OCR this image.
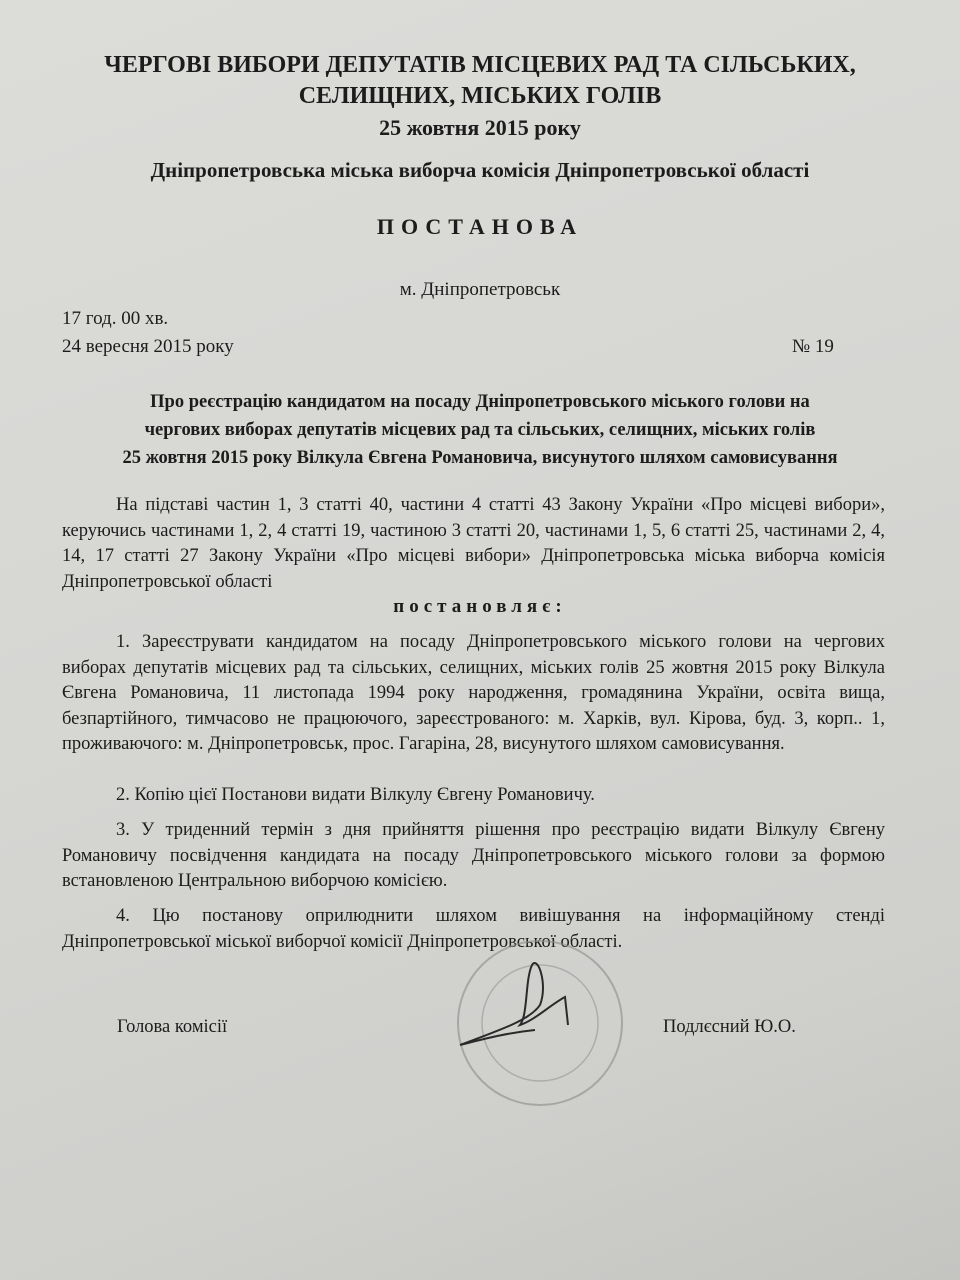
ЧЕРГОВІ ВИБОРИ ДЕПУТАТІВ МІСЦЕВИХ РАД ТА СІЛЬСЬКИХ,
СЕЛИЩНИХ, МІСЬКИХ ГОЛІВ
25 жовтня 2015 року
Дніпропетровська міська виборча комісія Дніпропетровської області
ПОСТАНОВА
м. Дніпропетровськ
17 год. 00 хв.
24 вересня 2015 року	№ 19
Про реєстрацію кандидатом на посаду Дніпропетровського міського голови на
чергових виборах депутатів місцевих рад та сільських, селищних, міських голів
25 жовтня 2015 року Вілкула Євгена Романовича, висунутого шляхом самовисування
На підставі частин 1, 3 статті 40, частини 4 статті 43 Закону України «Про місцеві вибори», керуючись частинами 1, 2, 4 статті 19, частиною 3 статті 20, частинами 1, 5, 6 статті 25, частинами 2, 4, 14, 17 статті 27 Закону України «Про місцеві вибори» Дніпропетровська міська виборча комісія Дніпропетровської області
постановляє:
1. Зареєструвати кандидатом на посаду Дніпропетровського міського голови на чергових виборах депутатів місцевих рад та сільських, селищних, міських голів 25 жовтня 2015 року Вілкула Євгена Романовича, 11 листопада 1994 року народження, громадянина України, освіта вища, безпартійного, тимчасово не працюючого, зареєстрованого: м. Харків, вул. Кірова, буд. 3, корп.. 1, проживаючого: м. Дніпропетровськ, прос. Гагаріна, 28, висунутого шляхом самовисування.
2. Копію цієї Постанови видати Вілкулу Євгену Романовичу.
3. У триденний термін з дня прийняття рішення про реєстрацію видати Вілкулу Євгену Романовичу посвідчення кандидата на посаду Дніпропетровського міського голови за формою встановленою Центральною виборчою комісією.
4. Цю постанову оприлюднити шляхом вивішування на інформаційному стенді Дніпропетровської міської виборчої комісії Дніпропетровської області.
Голова комісії	Подлєсний Ю.О.
